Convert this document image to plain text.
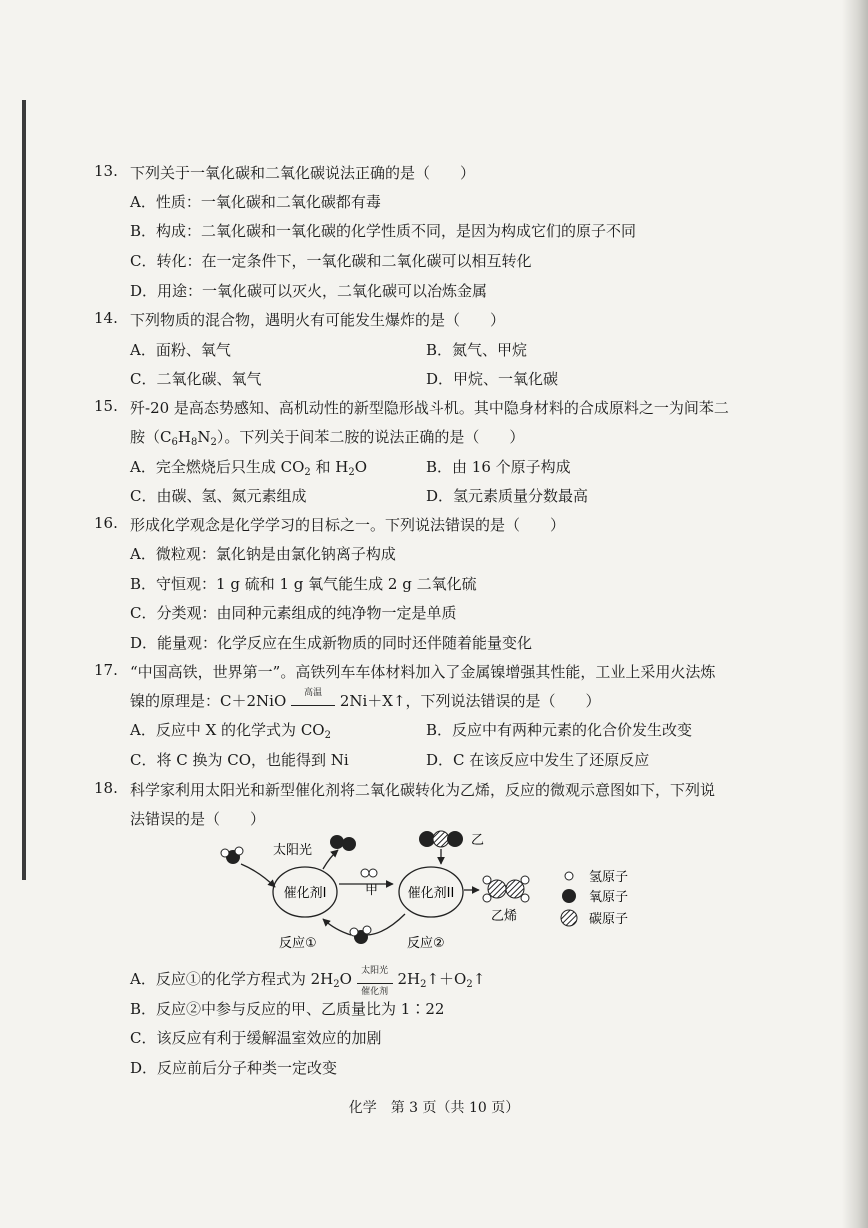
13. 下列关于一氧化碳和二氧化碳说法正确的是（　　）
A．性质：一氧化碳和二氧化碳都有毒
B．构成：二氧化碳和一氧化碳的化学性质不同，是因为构成它们的原子不同
C．转化：在一定条件下，一氧化碳和二氧化碳可以相互转化
D．用途：一氧化碳可以灭火，二氧化碳可以冶炼金属
14. 下列物质的混合物，遇明火有可能发生爆炸的是（　　）
A．面粉、氧气	B．氮气、甲烷
C．二氧化碳、氧气	D．甲烷、一氧化碳
15. 歼-20 是高态势感知、高机动性的新型隐形战斗机。其中隐身材料的合成原料之一为间苯二
胺$(C_6H_8N_2)$。下列关于间苯二胺的说法正确的是（　　）
A．完全燃烧后只生成 $CO_2$ 和 $H_2O$	B．由 16 个原子构成
C．由碳、氢、氮元素组成	D．氢元素质量分数最高
16. 形成化学观念是化学学习的目标之一。下列说法错误的是（　　）
A．微粒观：氯化钠是由氯化钠离子构成
B．守恒观：1 g 硫和 1 g 氧气能生成 2 g 二氧化硫
C．分类观：由同种元素组成的纯净物一定是单质
D．能量观：化学反应在生成新物质的同时还伴随着能量变化
17. “中国高铁，世界第一”。高铁列车车体材料加入了金属镍增强其性能，工业上采用火法炼
镍的原理是：C＋2NiO	高温	2Ni＋X↑，下列说法错误的是（　　）
A．反应中 X 的化学式为 $CO_2$	B．反应中有两种元素的化合价发生改变
C．将 C 换为 CO，也能得到 Ni	D．C 在该反应中发生了还原反应
18. 科学家利用太阳光和新型催化剂将二氧化碳转化为乙烯，反应的微观示意图如下，下列说
法错误的是（　　）
催化剂I
太阳光
甲
乙
催化剂II
乙烯
反应①	反应②
氢原子
氧原子
碳原子
A．反应①的化学方程式为 $2H_2O$ 太阳光
催化剂
$2H_2↑+O_2↑$
B．反应②中参与反应的甲、乙质量比为 1∶22
C．该反应有利于缓解温室效应的加剧
D．反应前后分子种类一定改变
化学　第 3 页（共 10 页）
